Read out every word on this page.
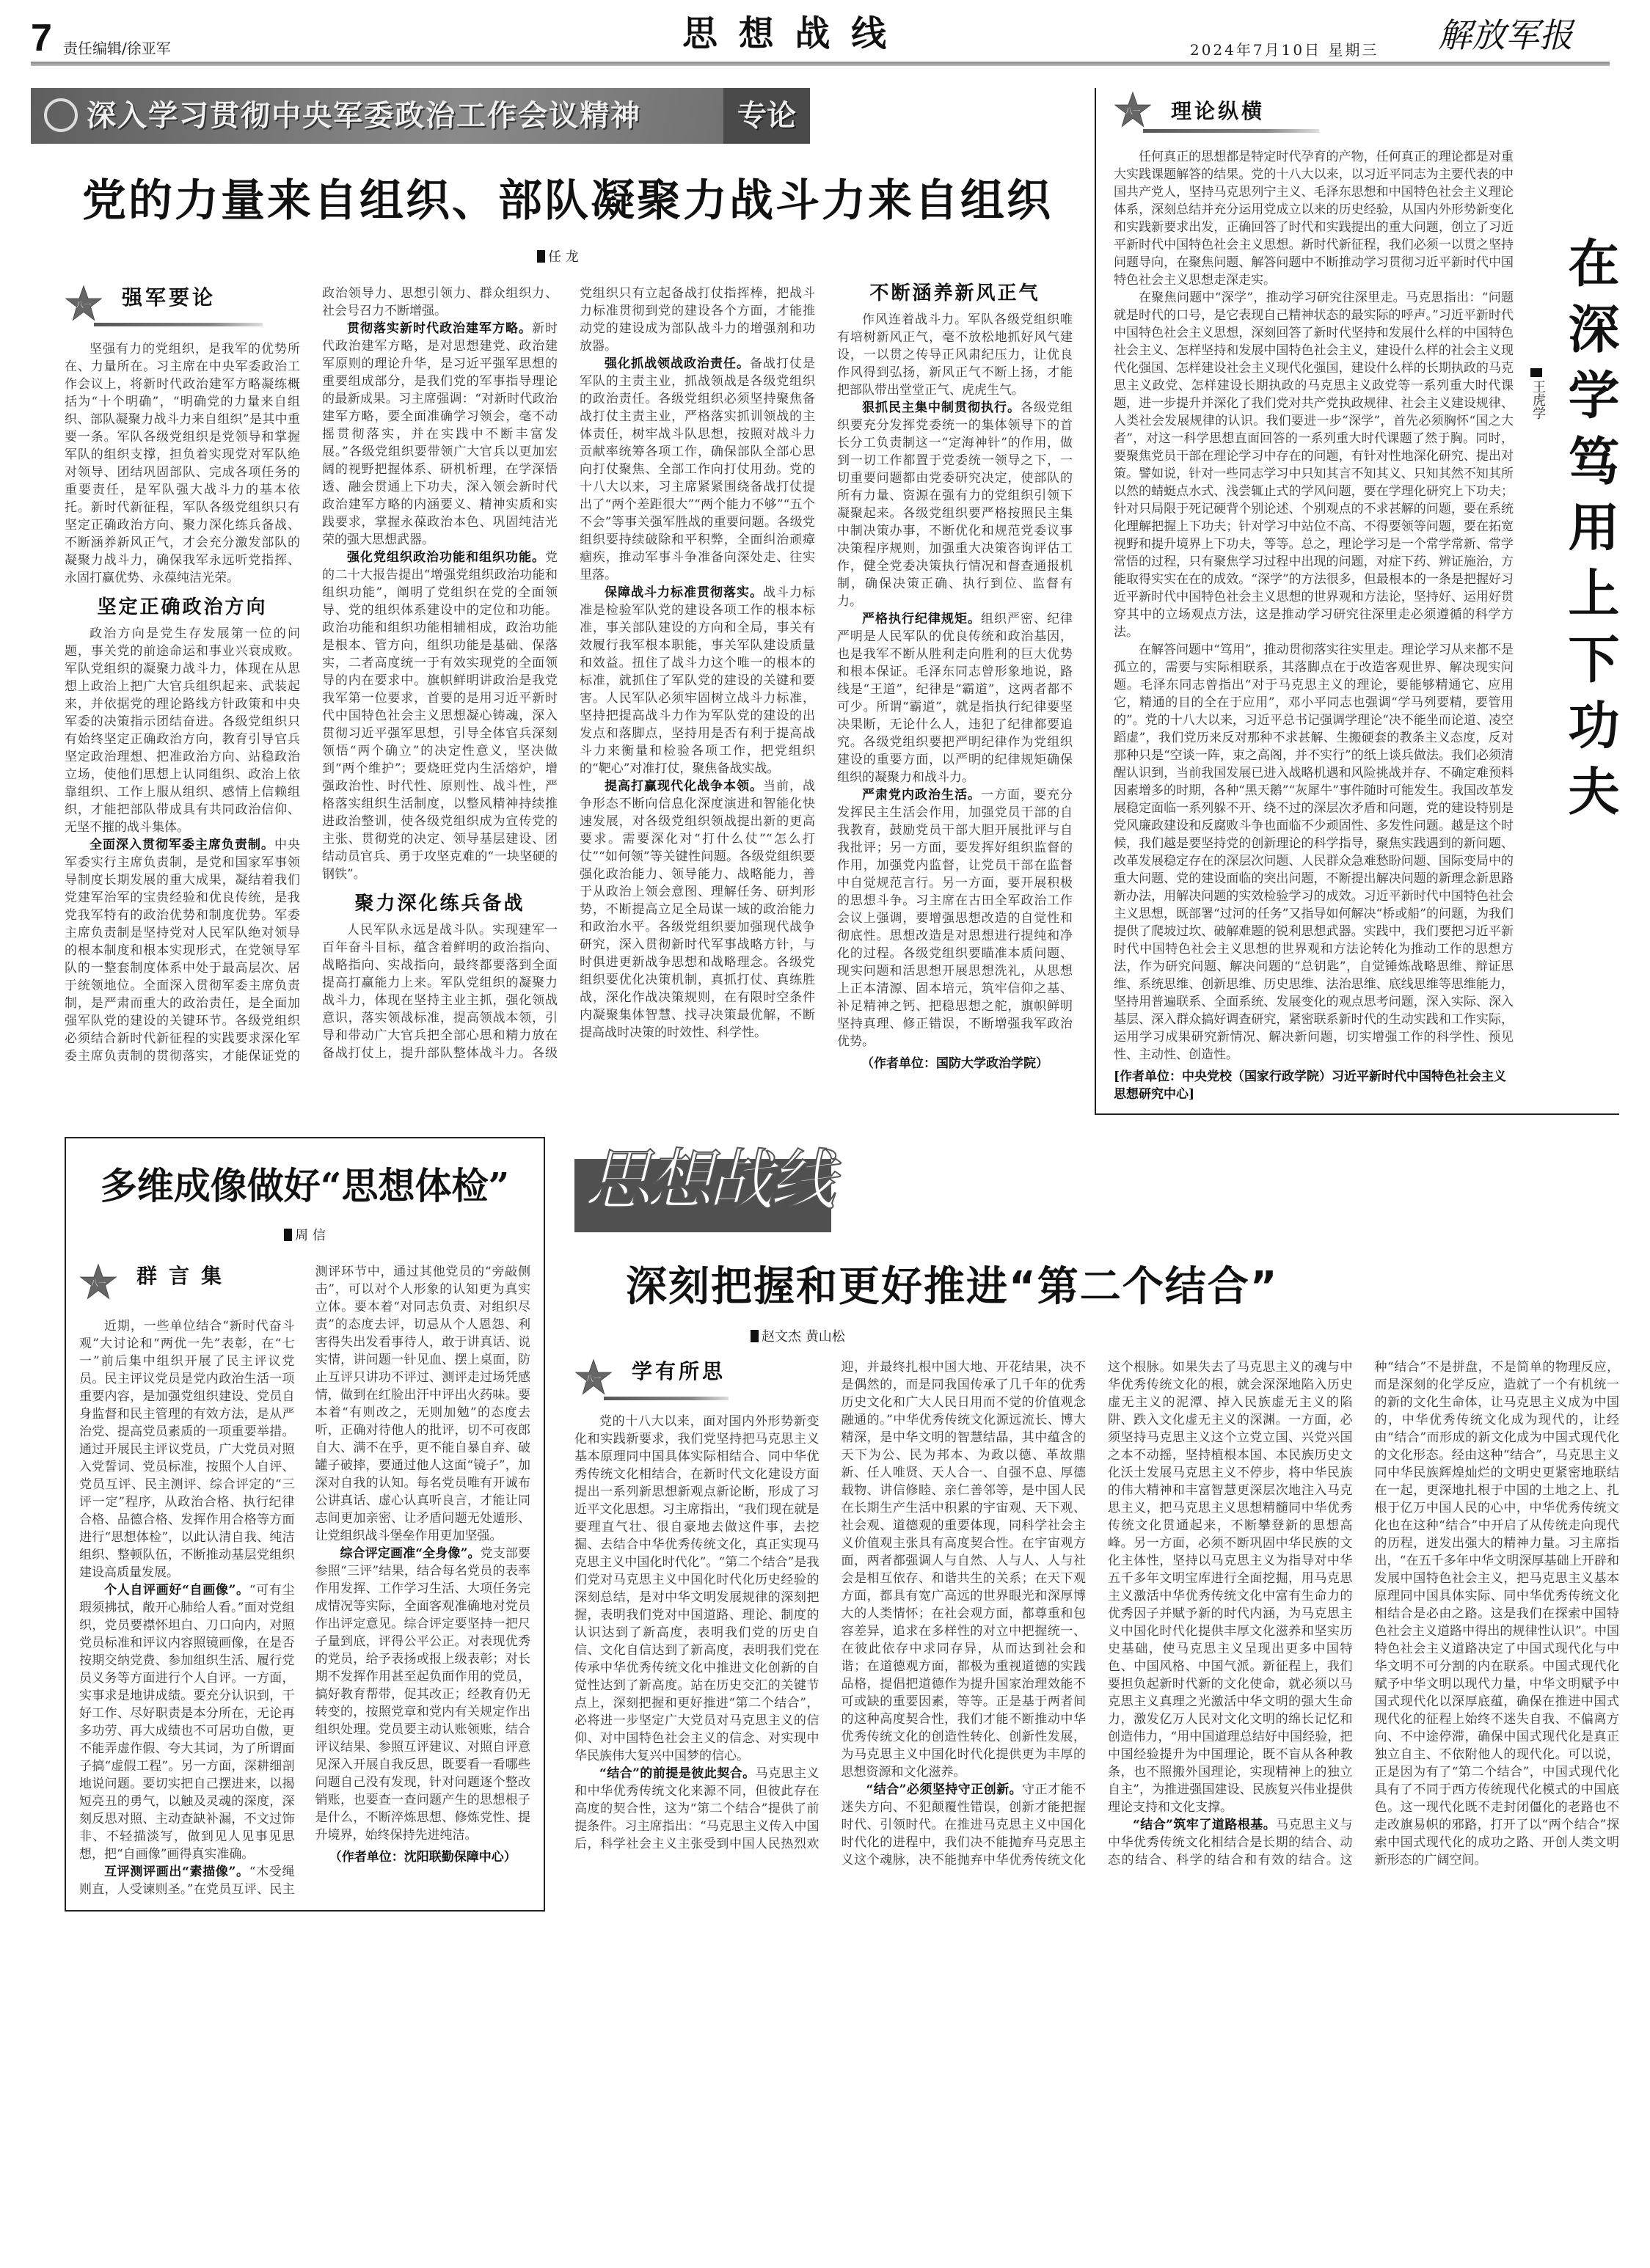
7 责任编辑/徐亚军	思 想 战 线	2024年7月10日 星期三 解放军报
深入学习贯彻中央军委政治工作会议精神	专论
党的力量来自组织、部队凝聚力战斗力来自组织
任 龙
八一 强军要论

坚强有力的党组织，是我军的优势所在、力量所在。习主席在中央军委政治工作会议上，将新时代政治建军方略凝练概括为“十个明确”，“明确党的力量来自组织、部队凝聚力战斗力来自组织”是其中重要一条。军队各级党组织是党领导和掌握军队的组织支撑，担负着实现党对军队绝对领导、团结巩固部队、完成各项任务的重要责任，是军队强大战斗力的基本依托。新时代新征程，军队各级党组织只有坚定正确政治方向、聚力深化练兵备战、不断涵养新风正气，才会充分激发部队的凝聚力战斗力，确保我军永远听党指挥、永固打赢优势、永葆纯洁光荣。

坚定正确政治方向

政治方向是党生存发展第一位的问题，事关党的前途命运和事业兴衰成败。军队党组织的凝聚力战斗力，体现在从思想上政治上把广大官兵组织起来、武装起来，并依据党的理论路线方针政策和中央军委的决策指示团结奋进。各级党组织只有始终坚定正确政治方向，教育引导官兵坚定政治理想、把准政治方向、站稳政治立场，使他们思想上认同组织、政治上依靠组织、工作上服从组织、感情上信赖组织，才能把部队带成具有共同政治信仰、无坚不摧的战斗集体。

全面深入贯彻军委主席负责制。中央军委实行主席负责制，是党和国家军事领导制度长期发展的重大成果，凝结着我们党建军治军的宝贵经验和优良传统，是我党我军特有的政治优势和制度优势。军委主席负责制是坚持党对人民军队绝对领导的根本制度和根本实现形式，在党领导军队的一整套制度体系中处于最高层次、居于统领地位。全面深入贯彻军委主席负责制，是严肃而重大的政治责任，是全面加强军队党的建设的关键环节。各级党组织必须结合新时代新征程的实践要求深化军委主席负责制的贯彻落实，才能保证党的政治领导力、思想引领力、群众组织力、社会号召力不断增强。

贯彻落实新时代政治建军方略。新时代政治建军方略，是对思想建党、政治建军原则的理论升华，是习近平强军思想的重要组成部分，是我们党的军事指导理论的最新成果。习主席强调：“对新时代政治建军方略，要全面准确学习领会，毫不动摇贯彻落实，并在实践中不断丰富发展。”各级党组织要带领广大官兵以更加宏阔的视野把握体系、研机析理，在学深悟透、融会贯通上下功夫，深入领会新时代政治建军方略的内涵要义、精神实质和实践要求，掌握永葆政治本色、巩固纯洁光荣的强大思想武器。

强化党组织政治功能和组织功能。党的二十大报告提出“增强党组织政治功能和组织功能”，阐明了党组织在党的全面领导、党的组织体系建设中的定位和功能。政治功能和组织功能相辅相成，政治功能是根本、管方向，组织功能是基础、保落实，二者高度统一于有效实现党的全面领导的内在要求中。旗帜鲜明讲政治是我党我军第一位要求，首要的是用习近平新时代中国特色社会主义思想凝心铸魂，深入贯彻习近平强军思想，引导全体官兵深刻领悟“两个确立”的决定性意义，坚决做到“两个维护”；要烧旺党内生活熔炉，增强政治性、时代性、原则性、战斗性，严格落实组织生活制度，以整风精神持续推进政治整训，使各级党组织成为宣传党的主张、贯彻党的决定、领导基层建设、团结动员官兵、勇于攻坚克难的“一块坚硬的钢铁”。

聚力深化练兵备战

人民军队永远是战斗队。实现建军一百年奋斗目标，蕴含着鲜明的政治指向、战略指向、实战指向，最终都要落到全面提高打赢能力上来。军队党组织的凝聚力战斗力，体现在坚持主业主抓，强化领战意识，落实领战标准，提高领战本领，引导和带动广大官兵把全部心思和精力放在备战打仗上，提升部队整体战斗力。各级党组织只有立起备战打仗指挥棒，把战斗力标准贯彻到党的建设各个方面，才能推动党的建设成为部队战斗力的增强剂和功放器。

强化抓战领战政治责任。备战打仗是军队的主责主业，抓战领战是各级党组织的政治责任。各级党组织必须坚持聚焦备战打仗主责主业，严格落实抓训领战的主体责任，树牢战斗队思想，按照对战斗力贡献率统筹各项工作，确保部队全部心思向打仗聚焦、全部工作向打仗用劲。党的十八大以来，习主席紧紧围绕备战打仗提出了“两个差距很大”“两个能力不够”“五个不会”等事关强军胜战的重要问题。各级党组织要持续破除和平积弊，全面纠治顽瘴痼疾，推动军事斗争准备向深处走、往实里落。

保障战斗力标准贯彻落实。战斗力标准是检验军队党的建设各项工作的根本标准，事关部队建设的方向和全局，事关有效履行我军根本职能，事关军队建设质量和效益。扭住了战斗力这个唯一的根本的标准，就抓住了军队党的建设的关键和要害。人民军队必须牢固树立战斗力标准，坚持把提高战斗力作为军队党的建设的出发点和落脚点，坚持用是否有利于提高战斗力来衡量和检验各项工作，把党组织的“靶心”对准打仗，聚焦备战实战。

提高打赢现代化战争本领。当前，战争形态不断向信息化深度演进和智能化快速发展，对各级党组织领战提出新的更高要求。需要深化对“打什么仗”“怎么打仗”“如何领”等关键性问题。各级党组织要强化政治能力、领导能力、战略能力，善于从政治上领会意图、理解任务、研判形势，不断提高立足全局谋一域的政治能力和政治水平。各级党组织要加强现代战争研究，深入贯彻新时代军事战略方针，与时俱进更新战争思想和战略理念。各级党组织要优化决策机制，真抓打仗、真练胜战，深化作战决策规则，在有限时空条件内凝聚集体智慧、找寻决策最优解，不断提高战时决策的时效性、科学性。

不断涵养新风正气

作风连着战斗力。军队各级党组织唯有培树新风正气，毫不放松地抓好风气建设，一以贯之传导正风肃纪压力，让优良作风得到弘扬，新风正气不断上扬，才能把部队带出堂堂正气、虎虎生气。

狠抓民主集中制贯彻执行。各级党组织要充分发挥党委统一的集体领导下的首长分工负责制这一“定海神针”的作用，做到一切工作都置于党委统一领导之下，一切重要问题都由党委研究决定，使部队的所有力量、资源在强有力的党组织引领下凝聚起来。各级党组织要严格按照民主集中制决策办事，不断优化和规范党委议事决策程序规则，加强重大决策咨询评估工作，健全党委决策执行情况和督查通报机制，确保决策正确、执行到位、监督有力。

严格执行纪律规矩。组织严密、纪律严明是人民军队的优良传统和政治基因，也是我军不断从胜利走向胜利的巨大优势和根本保证。毛泽东同志曾形象地说，路线是“王道”，纪律是“霸道”，这两者都不可少。所谓“霸道”，就是指执行纪律要坚决果断，无论什么人，违犯了纪律都要追究。各级党组织要把严明纪律作为党组织建设的重要方面，以严明的纪律规矩确保组织的凝聚力和战斗力。

严肃党内政治生活。一方面，要充分发挥民主生活会作用，加强党员干部的自我教育，鼓励党员干部大胆开展批评与自我批评；另一方面，要发挥好组织监督的作用，加强党内监督，让党员干部在监督中自觉规范言行。另一方面，要开展积极的思想斗争。习主席在古田全军政治工作会议上强调，要增强思想改造的自觉性和彻底性。思想改造是对思想进行提纯和净化的过程。各级党组织要瞄准本质问题、现实问题和活思想开展思想洗礼，从思想上正本清源、固本培元，筑牢信仰之基、补足精神之钙、把稳思想之舵，旗帜鲜明坚持真理、修正错误，不断增强我军政治优势。

（作者单位：国防大学政治学院）
八一 理论纵横

任何真正的思想都是特定时代孕育的产物，任何真正的理论都是对重大实践课题解答的结果。党的十八大以来，以习近平同志为主要代表的中国共产党人，坚持马克思列宁主义、毛泽东思想和中国特色社会主义理论体系，深刻总结并充分运用党成立以来的历史经验，从国内外形势新变化和实践新要求出发，正确回答了时代和实践提出的重大问题，创立了习近平新时代中国特色社会主义思想。新时代新征程，我们必须一以贯之坚持问题导向，在聚焦问题、解答问题中不断推动学习贯彻习近平新时代中国特色社会主义思想走深走实。

在聚焦问题中“深学”，推动学习研究往深里走。马克思指出：“问题就是时代的口号，是它表现自己精神状态的最实际的呼声。”习近平新时代中国特色社会主义思想，深刻回答了新时代坚持和发展什么样的中国特色社会主义、怎样坚持和发展中国特色社会主义，建设什么样的社会主义现代化强国、怎样建设社会主义现代化强国，建设什么样的长期执政的马克思主义政党、怎样建设长期执政的马克思主义政党等一系列重大时代课题，进一步提升并深化了我们党对共产党执政规律、社会主义建设规律、人类社会发展规律的认识。我们要进一步“深学”，首先必须胸怀“国之大者”，对这一科学思想直面回答的一系列重大时代课题了然于胸。同时，要聚焦党员干部在理论学习中存在的问题，有针对性地深化研究、提出对策。譬如说，针对一些同志学习中只知其言不知其义、只知其然不知其所以然的蜻蜓点水式、浅尝辄止式的学风问题，要在学理化研究上下功夫；针对只局限于死记硬背个别论述、个别观点的不求甚解的问题，要在系统化理解把握上下功夫；针对学习中站位不高、不得要领等问题，要在拓宽视野和提升境界上下功夫，等等。总之，理论学习是一个常学常新、常学常悟的过程，只有聚焦学习过程中出现的问题，对症下药、辨证施治，方能取得实实在在的成效。“深学”的方法很多，但最根本的一条是把握好习近平新时代中国特色社会主义思想的世界观和方法论，坚持好、运用好贯穿其中的立场观点方法，这是推动学习研究往深里走必须遵循的科学方法。

在解答问题中“笃用”，推动贯彻落实往实里走。理论学习从来都不是孤立的，需要与实际相联系，其落脚点在于改造客观世界、解决现实问题。毛泽东同志曾指出“对于马克思主义的理论，要能够精通它、应用它，精通的目的全在于应用”，邓小平同志也强调“学马列要精，要管用的”。党的十八大以来，习近平总书记强调学理论“决不能坐而论道、凌空蹈虚”，我们党历来反对那种不求甚解、生搬硬套的教条主义态度，反对那种只是“空谈一阵，束之高阁，并不实行”的纸上谈兵做法。我们必须清醒认识到，当前我国发展已进入战略机遇和风险挑战并存、不确定难预料因素增多的时期，各种“黑天鹅”“灰犀牛”事件随时可能发生。我国改革发展稳定面临一系列躲不开、绕不过的深层次矛盾和问题，党的建设特别是党风廉政建设和反腐败斗争也面临不少顽固性、多发性问题。越是这个时候，我们越是要坚持党的创新理论的科学指导，聚焦实践遇到的新问题、改革发展稳定存在的深层次问题、人民群众急难愁盼问题、国际变局中的重大问题、党的建设面临的突出问题，不断提出解决问题的新理念新思路新办法，用解决问题的实效检验学习的成效。习近平新时代中国特色社会主义思想，既部署“过河的任务”又指导如何解决“桥或船”的问题，为我们提供了爬坡过坎、破解难题的锐利思想武器。实践中，我们要把习近平新时代中国特色社会主义思想的世界观和方法论转化为推动工作的思想方法，作为研究问题、解决问题的“总钥匙”，自觉锤炼战略思维、辩证思维、系统思维、创新思维、历史思维、法治思维、底线思维等思维能力，坚持用普遍联系、全面系统、发展变化的观点思考问题，深入实际、深入基层、深入群众搞好调查研究，紧密联系新时代的生动实践和工作实际，运用学习成果研究新情况、解决新问题，切实增强工作的科学性、预见性、主动性、创造性。

[作者单位：中央党校（国家行政学院）习近平新时代中国特色社会主义思想研究中心]
王虎学 在深学笃用上下功夫
多维成像做好“思想体检”
周 信
八一 群言集

近期，一些单位结合“新时代奋斗观”大讨论和“两优一先”表彰，在“七一”前后集中组织开展了民主评议党员。民主评议党员是党内政治生活一项重要内容，是加强党组织建设、党员自身监督和民主管理的有效方法，是从严治党、提高党员素质的一项重要举措。通过开展民主评议党员，广大党员对照入党誓词、党员标准，按照个人自评、党员互评、民主测评、综合评定的“三评一定”程序，从政治合格、执行纪律合格、品德合格、发挥作用合格等方面进行“思想体检”，以此认清自我、纯洁组织、整顿队伍，不断推动基层党组织建设高质量发展。

个人自评画好“自画像”。“可有尘瑕须拂拭，敞开心肺给人看。”面对党组织，党员要襟怀坦白、刀口向内，对照党员标准和评议内容照镜画像，在是否按期交纳党费、参加组织生活、履行党员义务等方面进行个人自评。一方面，实事求是地讲成绩。要充分认识到，干好工作、尽好职责是本分所在，无论再多功劳、再大成绩也不可居功自傲，更不能弄虚作假、夸大其词，为了所谓面子搞“虚假工程”。另一方面，深耕细剖地说问题。要切实把自己摆进来，以揭短亮丑的勇气，以触及灵魂的深度，深刻反思对照、主动查缺补漏，不文过饰非、不轻描淡写，做到见人见事见思想，把“自画像”画得真实准确。

互评测评画出“素描像”。“木受绳则直，人受谏则圣。”在党员互评、民主测评环节中，通过其他党员的“旁敲侧击”，可以对个人形象的认知更为真实立体。要本着“对同志负责、对组织尽责”的态度去评，切忌从个人恩怨、利害得失出发看事待人，敢于讲真话、说实情，讲问题一针见血、摆上桌面，防止互评只讲功不评过、测评走过场凭感情，做到在红脸出汗中评出火药味。要本着“有则改之，无则加勉”的态度去听，正确对待他人的批评，切不可夜郎自大、满不在乎，更不能自暴自弃、破罐子破摔，要通过他人这面“镜子”，加深对自我的认知。每名党员唯有开诚布公讲真话、虚心认真听良言，才能让同志间更加亲密、让矛盾问题无处遁形、让党组织战斗堡垒作用更加坚强。

综合评定画准“全身像”。党支部要参照“三评”结果，结合每名党员的表率作用发挥、工作学习生活、大项任务完成情况等实际，全面客观准确地对党员作出评定意见。综合评定要坚持一把尺子量到底，评得公平公正。对表现优秀的党员，给予表扬或报上级表彰；对长期不发挥作用甚至起负面作用的党员，搞好教育帮带，促其改正；经教育仍无转变的，按照党章和党内有关规定作出组织处理。党员要主动认账领账，结合评议结果、参照互评建议、对照自评意见深入开展自我反思，既要看一看哪些问题自己没有发现，针对问题逐个整改销账，也要查一查问题产生的思想根子是什么，不断淬炼思想、修炼党性、提升境界，始终保持先进纯洁。

（作者单位：沈阳联勤保障中心）
思想战线
深刻把握和更好推进“第二个结合”
赵文杰 黄山松
八一 学有所思

党的十八大以来，面对国内外形势新变化和实践新要求，我们党坚持把马克思主义基本原理同中国具体实际相结合、同中华优秀传统文化相结合，在新时代文化建设方面提出一系列新思想新观点新论断，形成了习近平文化思想。习主席指出，“我们现在就是要理直气壮、很自豪地去做这件事，去挖掘、去结合中华优秀传统文化，真正实现马克思主义中国化时代化”。“第二个结合”是我们党对马克思主义中国化时代化历史经验的深刻总结，是对中华文明发展规律的深刻把握，表明我们党对中国道路、理论、制度的认识达到了新高度，表明我们党的历史自信、文化自信达到了新高度，表明我们党在传承中华优秀传统文化中推进文化创新的自觉性达到了新高度。站在历史交汇的关键节点上，深刻把握和更好推进“第二个结合”，必将进一步坚定广大党员对马克思主义的信仰、对中国特色社会主义的信念、对实现中华民族伟大复兴中国梦的信心。

“结合”的前提是彼此契合。马克思主义和中华优秀传统文化来源不同，但彼此存在高度的契合性，这为“第二个结合”提供了前提条件。习主席指出：“马克思主义传入中国后，科学社会主义主张受到中国人民热烈欢迎，并最终扎根中国大地、开花结果，决不是偶然的，而是同我国传承了几千年的优秀历史文化和广大人民日用而不觉的价值观念融通的。”中华优秀传统文化源远流长、博大精深，是中华文明的智慧结晶，其中蕴含的天下为公、民为邦本、为政以德、革故鼎新、任人唯贤、天人合一、自强不息、厚德载物、讲信修睦、亲仁善邻等，是中国人民在长期生产生活中积累的宇宙观、天下观、社会观、道德观的重要体现，同科学社会主义价值观主张具有高度契合性。在宇宙观方面，两者都强调人与自然、人与人、人与社会是相互依存、和谐共生的关系；在天下观方面，都具有宽广高远的世界眼光和深厚博大的人类情怀；在社会观方面，都尊重和包容差异，追求在多样性的对立中把握统一、在彼此依存中求同存异，从而达到社会和谐；在道德观方面，都极为重视道德的实践品格，提倡把道德作为提升国家治理效能不可或缺的重要因素，等等。正是基于两者间的这种高度契合性，我们才能不断推动中华优秀传统文化的创造性转化、创新性发展，为马克思主义中国化时代化提供更为丰厚的思想资源和文化滋养。

“结合”必须坚持守正创新。守正才能不迷失方向、不犯颠覆性错误，创新才能把握时代、引领时代。在推进马克思主义中国化时代化的进程中，我们决不能抛弃马克思主义这个魂脉，决不能抛弃中华优秀传统文化这个根脉。如果失去了马克思主义的魂与中华优秀传统文化的根，就会深深地陷入历史虚无主义的泥潭、掉入民族虚无主义的陷阱、跌入文化虚无主义的深渊。一方面，必须坚持马克思主义这个立党立国、兴党兴国之本不动摇，坚持植根本国、本民族历史文化沃土发展马克思主义不停步，将中华民族的伟大精神和丰富智慧更深层次地注入马克思主义，把马克思主义思想精髓同中华优秀传统文化贯通起来，不断攀登新的思想高峰。另一方面，必须不断巩固中华民族的文化主体性，坚持以马克思主义为指导对中华五千多年文明宝库进行全面挖掘，用马克思主义激活中华优秀传统文化中富有生命力的优秀因子并赋予新的时代内涵，为马克思主义中国化时代化提供丰厚文化滋养和坚实历史基础，使马克思主义呈现出更多中国特色、中国风格、中国气派。新征程上，我们要担负起新时代新的文化使命，就必须以马克思主义真理之光激活中华文明的强大生命力，激发亿万人民对文化文明的绵长记忆和创造伟力，“用中国道理总结好中国经验，把中国经验提升为中国理论，既不盲从各种教条，也不照搬外国理论，实现精神上的独立自主”，为推进强国建设、民族复兴伟业提供理论支持和文化支撑。

“结合”筑牢了道路根基。马克思主义与中华优秀传统文化相结合是长期的结合、动态的结合、科学的结合和有效的结合。这种“结合”不是拼盘，不是简单的物理反应，而是深刻的化学反应，造就了一个有机统一的新的文化生命体，让马克思主义成为中国的，中华优秀传统文化成为现代的，让经由“结合”而形成的新文化成为中国式现代化的文化形态。经由这种“结合”，马克思主义同中华民族辉煌灿烂的文明史更紧密地联结在一起，更深地扎根于中国的土地之上、扎根于亿万中国人民的心中，中华优秀传统文化也在这种“结合”中开启了从传统走向现代的历程，迸发出强大的精神力量。习主席指出，“在五千多年中华文明深厚基础上开辟和发展中国特色社会主义，把马克思主义基本原理同中国具体实际、同中华优秀传统文化相结合是必由之路。这是我们在探索中国特色社会主义道路中得出的规律性认识”。中国特色社会主义道路决定了中国式现代化与中华文明不可分割的内在联系。中国式现代化赋予中华文明以现代力量，中华文明赋予中国式现代化以深厚底蕴，确保在推进中国式现代化的征程上始终不迷失自我、不偏离方向、不中途停滞，确保中国式现代化是真正独立自主、不依附他人的现代化。可以说，正是因为有了“第二个结合”，中国式现代化具有了不同于西方传统现代化模式的中国底色。这一现代化既不走封闭僵化的老路也不走改旗易帜的邪路，打开了以“两个结合”探索中国式现代化的成功之路、开创人类文明新形态的广阔空间。
